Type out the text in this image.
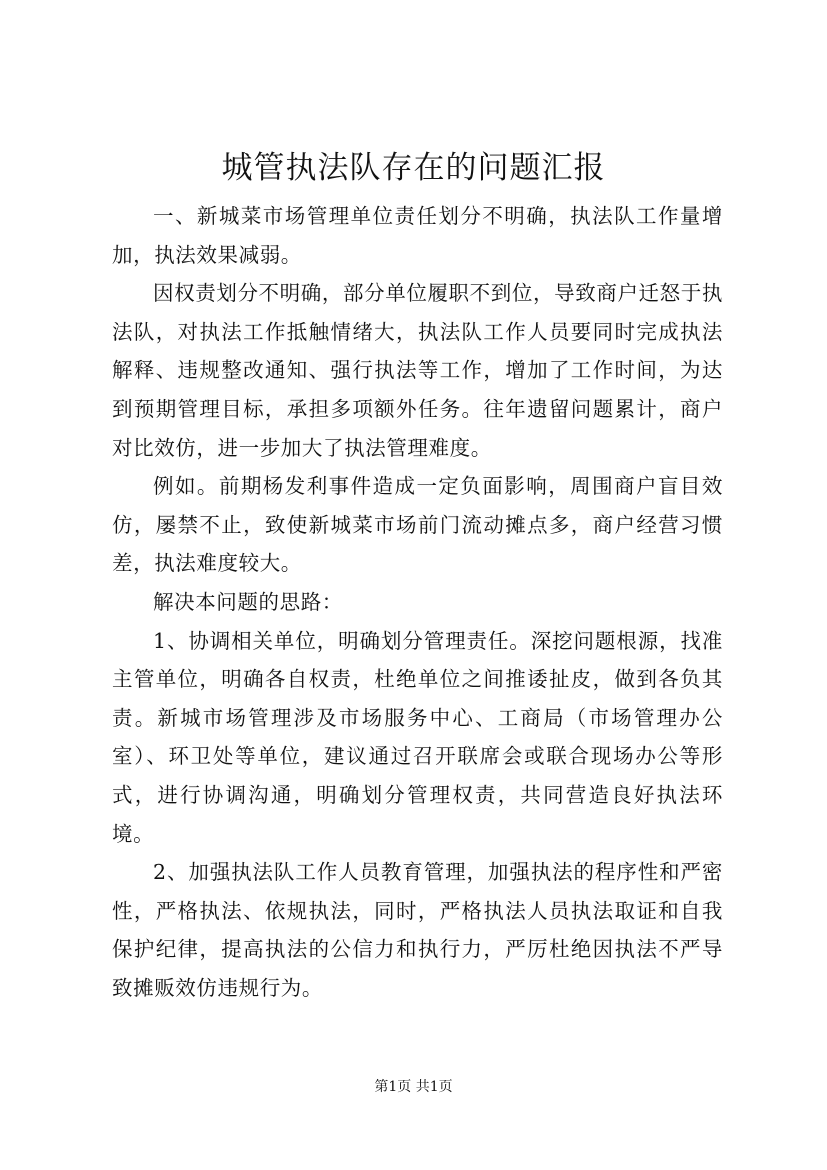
城管执法队存在的问题汇报

一、新城菜市场管理单位责任划分不明确，执法队工作量增加，执法效果减弱。

因权责划分不明确，部分单位履职不到位，导致商户迁怒于执法队，对执法工作抵触情绪大，执法队工作人员要同时完成执法解释、违规整改通知、强行执法等工作，增加了工作时间，为达到预期管理目标，承担多项额外任务。往年遗留问题累计，商户对比效仿，进一步加大了执法管理难度。

例如。前期杨发利事件造成一定负面影响，周围商户盲目效仿，屡禁不止，致使新城菜市场前门流动摊点多，商户经营习惯差，执法难度较大。

解决本问题的思路：

1、协调相关单位，明确划分管理责任。深挖问题根源，找准主管单位，明确各自权责，杜绝单位之间推诿扯皮，做到各负其责。新城市场管理涉及市场服务中心、工商局（市场管理办公室）、环卫处等单位，建议通过召开联席会或联合现场办公等形式，进行协调沟通，明确划分管理权责，共同营造良好执法环境。

2、加强执法队工作人员教育管理，加强执法的程序性和严密性，严格执法、依规执法，同时，严格执法人员执法取证和自我保护纪律，提高执法的公信力和执行力，严厉杜绝因执法不严导致摊贩效仿违规行为。

第1页 共1页
